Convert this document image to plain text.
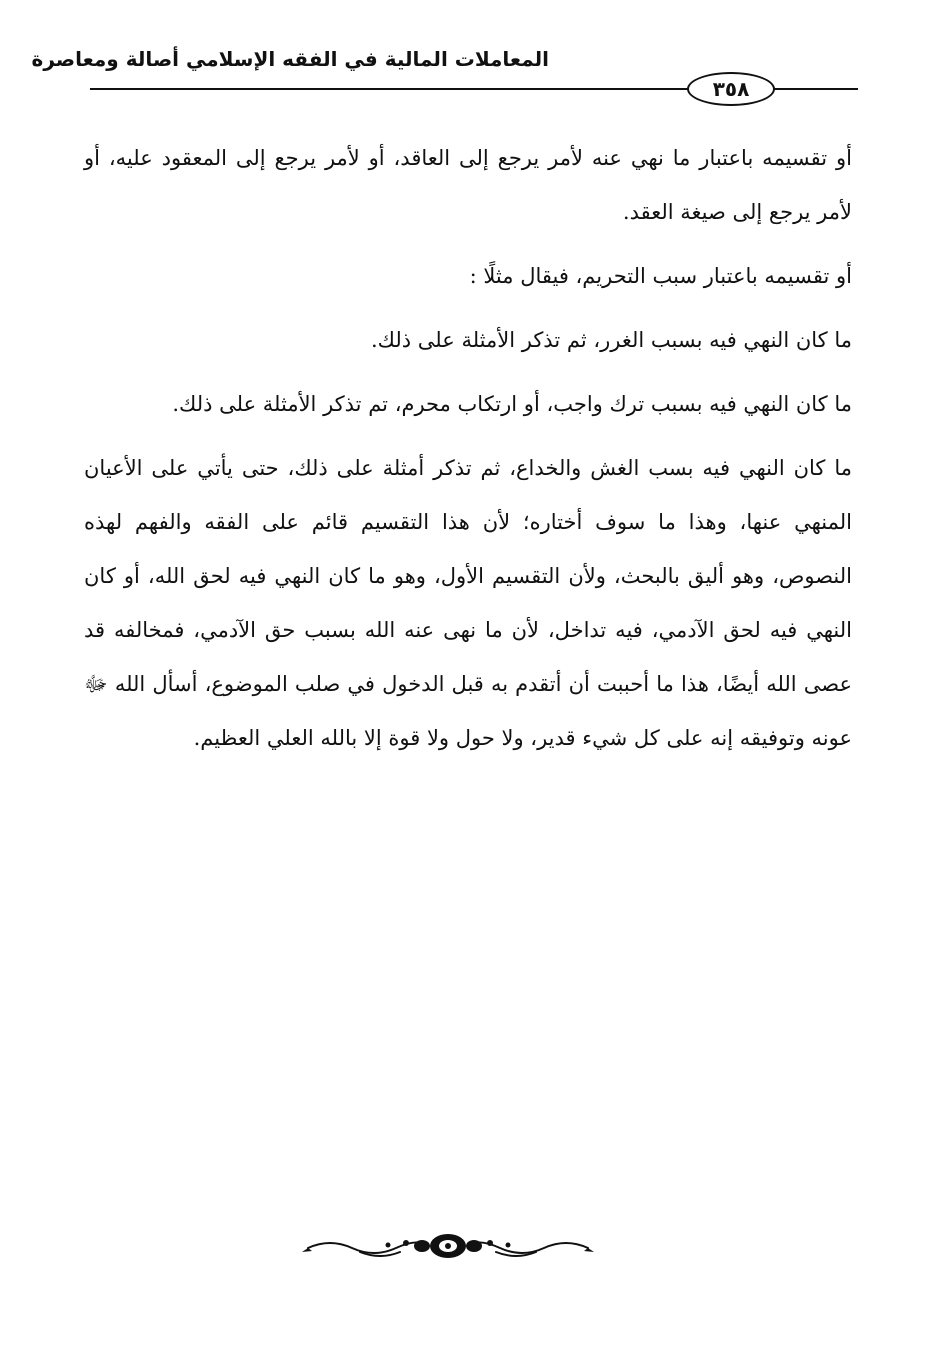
المعاملات المالية في الفقه الإسلامي أصالة ومعاصرة
٣٥٨

أو تقسيمه باعتبار ما نهي عنه لأمر يرجع إلى العاقد، أو لأمر يرجع إلى المعقود عليه، أو لأمر يرجع إلى صيغة العقد.

أو تقسيمه باعتبار سبب التحريم، فيقال مثلًا :

ما كان النهي فيه بسبب الغرر، ثم تذكر الأمثلة على ذلك.

ما كان النهي فيه بسبب ترك واجب، أو ارتكاب محرم، تم تذكر الأمثلة على ذلك.

ما كان النهي فيه بسب الغش والخداع، ثم تذكر أمثلة على ذلك، حتى يأتي على الأعيان المنهي عنها، وهذا ما سوف أختاره؛ لأن هذا التقسيم قائم على الفقه والفهم لهذه النصوص، وهو أليق بالبحث، ولأن التقسيم الأول، وهو ما كان النهي فيه لحق الله، أو كان النهي فيه لحق الآدمي، فيه تداخل، لأن ما نهى عنه الله بسبب حق الآدمي، فمخالفه قد عصى الله أيضًا، هذا ما أحببت أن أتقدم به قبل الدخول في صلب الموضوع، أسأل الله ﷻ عونه وتوفيقه إنه على كل شيء قدير، ولا حول ولا قوة إلا بالله العلي العظيم.
